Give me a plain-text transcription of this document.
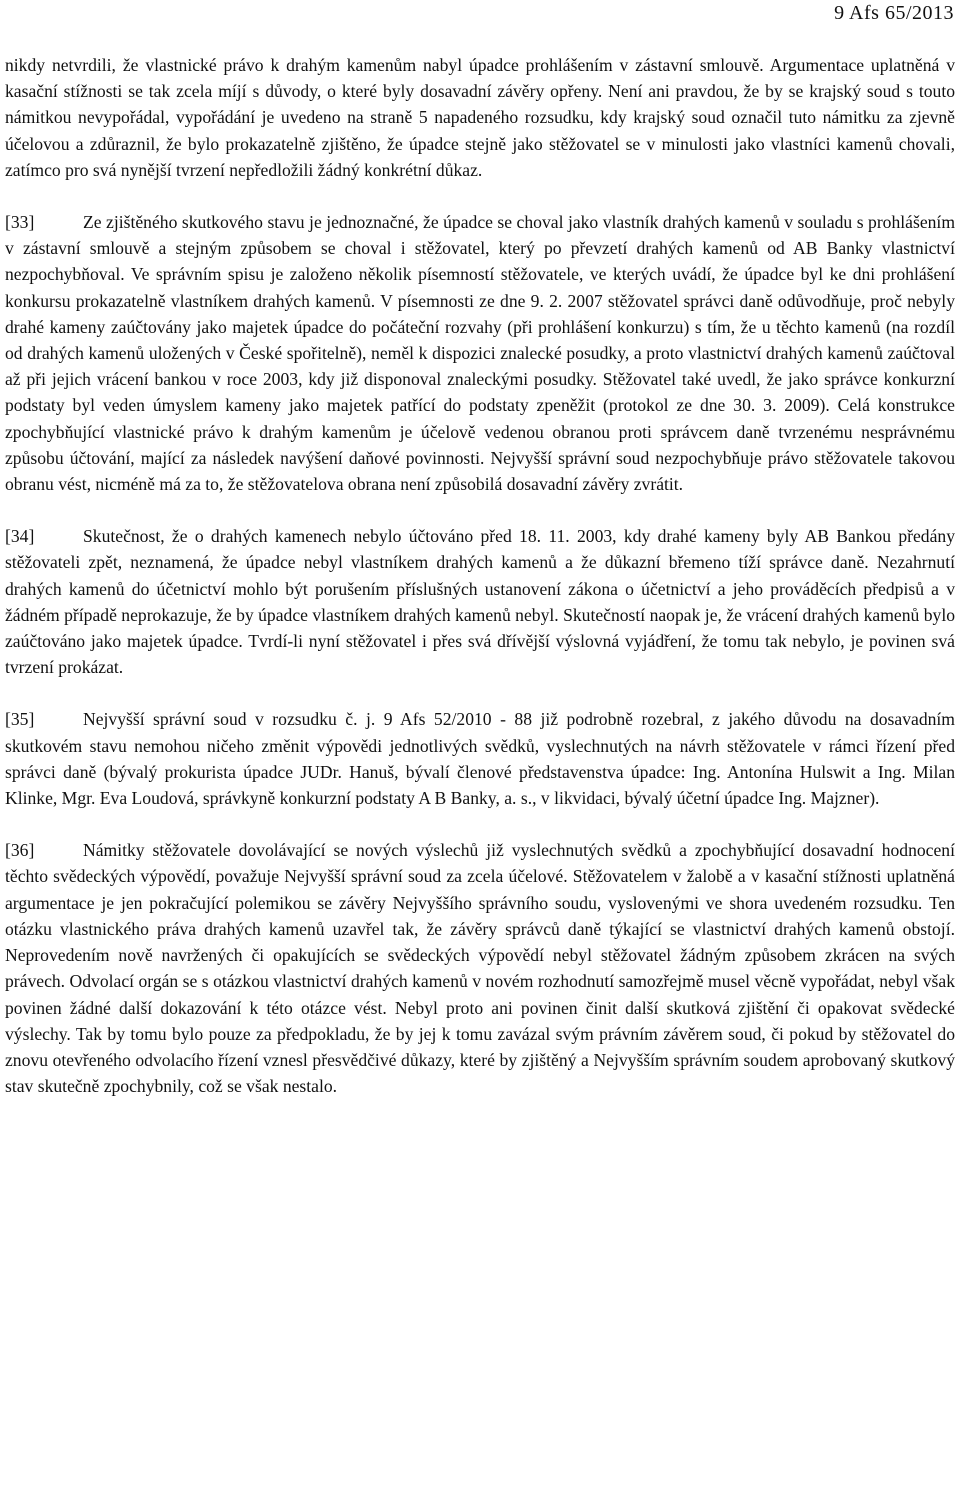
9 Afs 65/2013

nikdy netvrdili, že vlastnické právo k drahým kamenům nabyl úpadce prohlášením v zástavní smlouvě. Argumentace uplatněná v kasační stížnosti se tak zcela míjí s důvody, o které byly dosavadní závěry opřeny. Není ani pravdou, že by se krajský soud s touto námitkou nevypořádal, vypořádání je uvedeno na straně 5 napadeného rozsudku, kdy krajský soud označil tuto námitku za zjevně účelovou a zdůraznil, že bylo prokazatelně zjištěno, že úpadce stejně jako stěžovatel se v minulosti jako vlastníci kamenů chovali, zatímco pro svá nynější tvrzení nepředložili žádný konkrétní důkaz.

[33]	Ze zjištěného skutkového stavu je jednoznačné, že úpadce se choval jako vlastník drahých kamenů v souladu s prohlášením v zástavní smlouvě a stejným způsobem se choval i stěžovatel, který po převzetí drahých kamenů od AB Banky vlastnictví nezpochybňoval. Ve správním spisu je založeno několik písemností stěžovatele, ve kterých uvádí, že úpadce byl ke dni prohlášení konkursu prokazatelně vlastníkem drahých kamenů. V písemnosti ze dne 9. 2. 2007 stěžovatel správci daně odůvodňuje, proč nebyly drahé kameny zaúčtovány jako majetek úpadce do počáteční rozvahy (při prohlášení konkurzu) s tím, že u těchto kamenů (na rozdíl od drahých kamenů uložených v České spořitelně), neměl k dispozici znalecké posudky, a proto vlastnictví drahých kamenů zaúčtoval až při jejich vrácení bankou v roce 2003, kdy již disponoval znaleckými posudky. Stěžovatel také uvedl, že jako správce konkurzní podstaty byl veden úmyslem kameny jako majetek patřící do podstaty zpeněžit (protokol ze dne 30. 3. 2009). Celá konstrukce zpochybňující vlastnické právo k drahým kamenům je účelově vedenou obranou proti správcem daně tvrzenému nesprávnému způsobu účtování, mající za následek navýšení daňové povinnosti. Nejvyšší správní soud nezpochybňuje právo stěžovatele takovou obranu vést, nicméně má za to, že stěžovatelova obrana není způsobilá dosavadní závěry zvrátit.

[34]	Skutečnost, že o drahých kamenech nebylo účtováno před 18. 11. 2003, kdy drahé kameny byly AB Bankou předány stěžovateli zpět, neznamená, že úpadce nebyl vlastníkem drahých kamenů a že důkazní břemeno tíží správce daně. Nezahrnutí drahých kamenů do účetnictví mohlo být porušením příslušných ustanovení zákona o účetnictví a jeho prováděcích předpisů a v žádném případě neprokazuje, že by úpadce vlastníkem drahých kamenů nebyl. Skutečností naopak je, že vrácení drahých kamenů bylo zaúčtováno jako majetek úpadce. Tvrdí-li nyní stěžovatel i přes svá dřívější výslovná vyjádření, že tomu tak nebylo, je povinen svá tvrzení prokázat.

[35]	Nejvyšší správní soud v rozsudku č. j. 9 Afs 52/2010 - 88 již podrobně rozebral, z jakého důvodu na dosavadním skutkovém stavu nemohou ničeho změnit výpovědi jednotlivých svědků, vyslechnutých na návrh stěžovatele v rámci řízení před správci daně (bývalý prokurista úpadce JUDr. Hanuš, bývalí členové představenstva úpadce: Ing. Antonína Hulswit a Ing. Milan Klinke, Mgr. Eva Loudová, správkyně konkurzní podstaty A B Banky, a. s., v likvidaci, bývalý účetní úpadce Ing. Majzner).

[36]	Námitky stěžovatele dovolávající se nových výslechů již vyslechnutých svědků a zpochybňující dosavadní hodnocení těchto svědeckých výpovědí, považuje Nejvyšší správní soud za zcela účelové. Stěžovatelem v žalobě a v kasační stížnosti uplatněná argumentace je jen pokračující polemikou se závěry Nejvyššího správního soudu, vyslovenými ve shora uvedeném rozsudku. Ten otázku vlastnického práva drahých kamenů uzavřel tak, že závěry správců daně týkající se vlastnictví drahých kamenů obstojí. Neprovedením nově navržených či opakujících se svědeckých výpovědí nebyl stěžovatel žádným způsobem zkrácen na svých právech. Odvolací orgán se s otázkou vlastnictví drahých kamenů v novém rozhodnutí samozřejmě musel věcně vypořádat, nebyl však povinen žádné další dokazování k této otázce vést. Nebyl proto ani povinen činit další skutková zjištění či opakovat svědecké výslechy. Tak by tomu bylo pouze za předpokladu, že by jej k tomu zavázal svým právním závěrem soud, či pokud by stěžovatel do znovu otevřeného odvolacího řízení vznesl přesvědčivé důkazy, které by zjištěný a Nejvyšším správním soudem aprobovaný skutkový stav skutečně zpochybnily, což se však nestalo.
